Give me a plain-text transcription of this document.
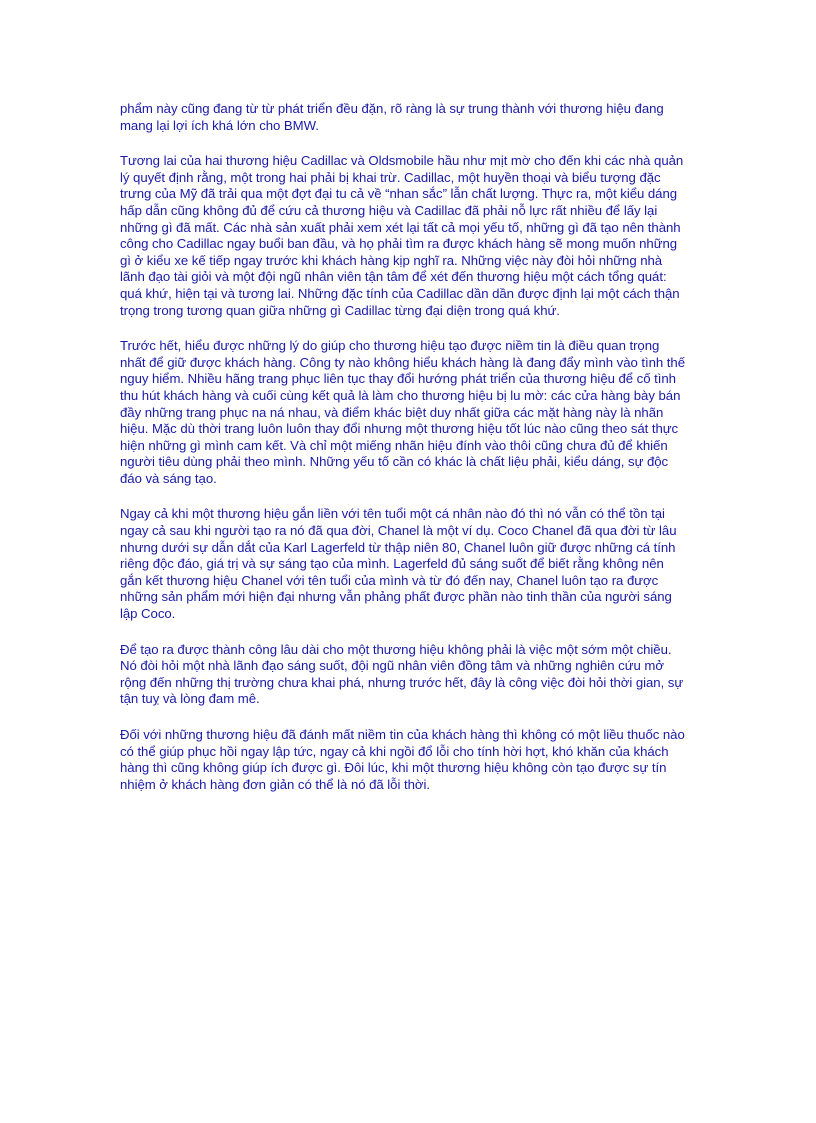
phẩm này cũng đang từ từ phát triển đều đặn, rõ ràng là sự trung thành với thương hiệu đang
mang lại lợi ích khá lớn cho BMW.

Tương lai của hai thương hiệu Cadillac và Oldsmobile hầu như mịt mờ cho đến khi các nhà quản
lý quyết định rằng, một trong hai phải bị khai trừ. Cadillac, một huyền thoại và biểu tượng đặc
trưng của Mỹ đã trải qua một đợt đại tu cả về “nhan sắc” lẫn chất lượng. Thực ra, một kiểu dáng
hấp dẫn cũng không đủ để cứu cả thương hiệu và Cadillac đã phải nỗ lực rất nhiều để lấy lại
những gì đã mất. Các nhà sản xuất phải xem xét lại tất cả mọi yếu tố, những gì đã tạo nên thành
công cho Cadillac ngay buổi ban đầu, và họ phải tìm ra được khách hàng sẽ mong muốn những
gì ở kiểu xe kế tiếp ngay trước khi khách hàng kịp nghĩ ra. Những việc này đòi hỏi những nhà
lãnh đạo tài giỏi và một đội ngũ nhân viên tận tâm để xét đến thương hiệu một cách tổng quát:
quá khứ, hiện tại và tương lai. Những đặc tính của Cadillac dần dần được định lại một cách thận
trọng trong tương quan giữa những gì Cadillac từng đại diện trong quá khứ.

Trước hết, hiểu được những lý do giúp cho thương hiệu tạo được niềm tin là điều quan trọng
nhất để giữ được khách hàng. Công ty nào không hiểu khách hàng là đang đẩy mình vào tình thế
nguy hiểm. Nhiều hãng trang phục liên tục thay đổi hướng phát triển của thương hiệu để cố tình
thu hút khách hàng và cuối cùng kết quả là làm cho thương hiệu bị lu mờ: các cửa hàng bày bán
đầy những trang phục na ná nhau, và điểm khác biệt duy nhất giữa các mặt hàng này là nhãn
hiệu. Mặc dù thời trang luôn luôn thay đổi nhưng một thương hiệu tốt lúc nào cũng theo sát thực
hiện những gì mình cam kết. Và chỉ một miếng nhãn hiệu đính vào thôi cũng chưa đủ để khiến
người tiêu dùng phải theo mình. Những yếu tố cần có khác là chất liệu phải, kiểu dáng, sự độc
đáo và sáng tạo.

Ngay cả khi một thương hiệu gắn liền với tên tuổi một cá nhân nào đó thì nó vẫn có thể tồn tại
ngay cả sau khi người tạo ra nó đã qua đời, Chanel là một ví dụ. Coco Chanel đã qua đời từ lâu
nhưng dưới sự dẫn dắt của Karl Lagerfeld từ thập niên 80, Chanel luôn giữ được những cá tính
riêng độc đáo, giá trị và sự sáng tạo của mình. Lagerfeld đủ sáng suốt để biết rằng không nên
gắn kết thương hiệu Chanel với tên tuổi của mình và từ đó đến nay, Chanel luôn tạo ra được
những sản phẩm mới hiện đại nhưng vẫn phảng phất được phần nào tinh thần của người sáng
lập Coco.

Để tạo ra được thành công lâu dài cho một thương hiệu không phải là việc một sớm một chiều.
Nó đòi hỏi một nhà lãnh đạo sáng suốt, đội ngũ nhân viên đồng tâm và những nghiên cứu mở
rộng đến những thị trường chưa khai phá, nhưng trước hết, đây là công việc đòi hỏi thời gian, sự
tận tuỵ và lòng đam mê.

Đối với những thương hiệu đã đánh mất niềm tin của khách hàng thì không có một liều thuốc nào
có thể giúp phục hồi ngay lập tức, ngay cả khi ngồi đổ lỗi cho tính hời hợt, khó khăn của khách
hàng thì cũng không giúp ích được gì. Đôi lúc, khi một thương hiệu không còn tạo được sự tín
nhiệm ở khách hàng đơn giản có thể là nó đã lỗi thời.
